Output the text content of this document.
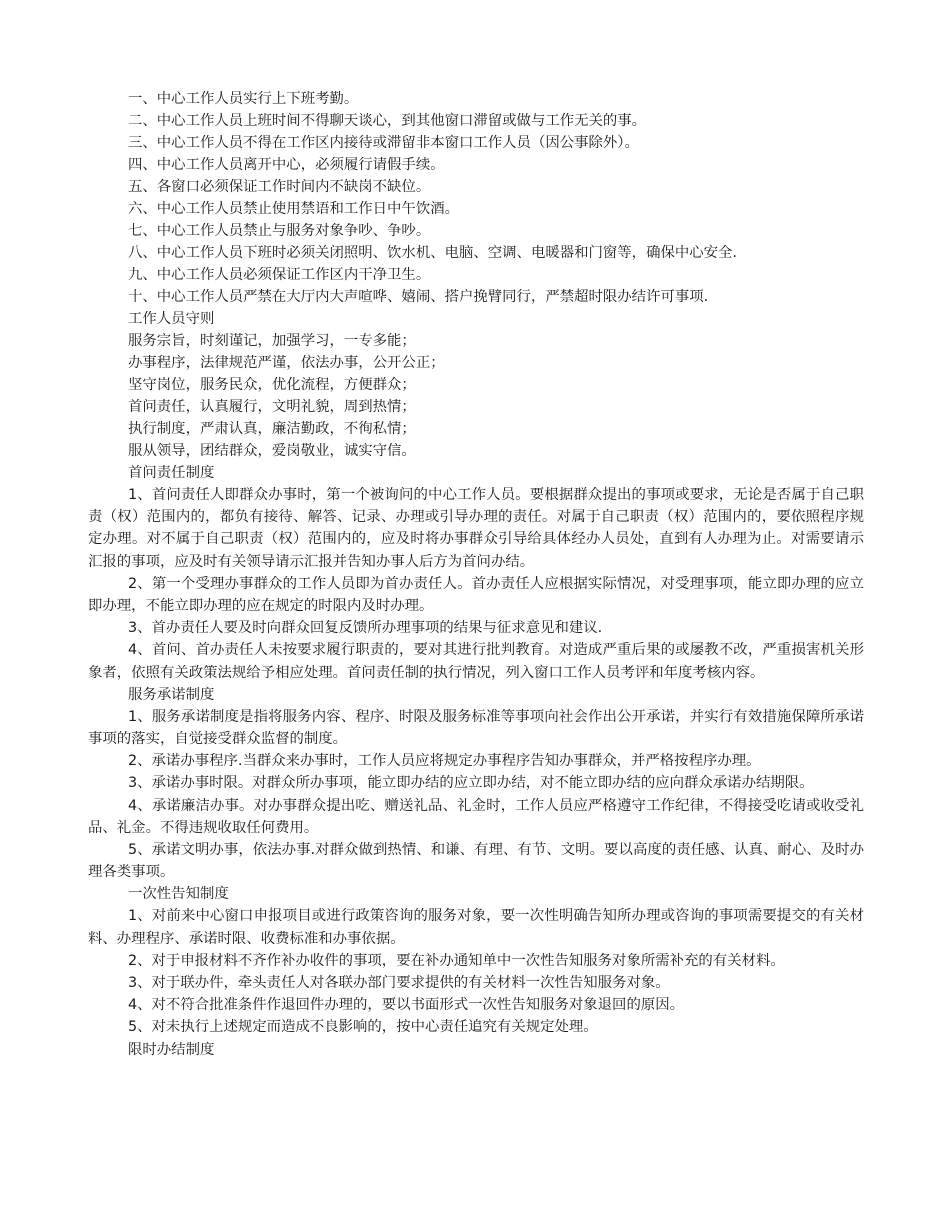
一、中心工作人员实行上下班考勤。

二、中心工作人员上班时间不得聊天谈心，到其他窗口滞留或做与工作无关的事。

三、中心工作人员不得在工作区内接待或滞留非本窗口工作人员（因公事除外）。

四、中心工作人员离开中心，必须履行请假手续。

五、各窗口必须保证工作时间内不缺岗不缺位。

六、中心工作人员禁止使用禁语和工作日中午饮酒。

七、中心工作人员禁止与服务对象争吵、争吵。

八、中心工作人员下班时必须关闭照明、饮水机、电脑、空调、电暖器和门窗等，确保中心安全.

九、中心工作人员必须保证工作区内干净卫生。

十、中心工作人员严禁在大厅内大声喧哗、嬉闹、搭户挽臂同行，严禁超时限办结许可事项.

工作人员守则

服务宗旨，时刻谨记，加强学习，一专多能；

办事程序，法律规范严谨，依法办事，公开公正；

坚守岗位，服务民众，优化流程，方便群众；

首问责任，认真履行，文明礼貌，周到热情；

执行制度，严肃认真，廉洁勤政，不徇私情；

服从领导，团结群众，爱岗敬业，诚实守信。

首问责任制度

1、首问责任人即群众办事时，第一个被询问的中心工作人员。要根据群众提出的事项或要求，无论是否属于自己职责（权）范围内的，都负有接待、解答、记录、办理或引导办理的责任。对属于自己职责（权）范围内的，要依照程序规定办理。对不属于自己职责（权）范围内的，应及时将办事群众引导给具体经办人员处，直到有人办理为止。对需要请示汇报的事项，应及时有关领导请示汇报并告知办事人后方为首问办结。

2、第一个受理办事群众的工作人员即为首办责任人。首办责任人应根据实际情况，对受理事项，能立即办理的应立即办理，不能立即办理的应在规定的时限内及时办理。

3、首办责任人要及时向群众回复反馈所办理事项的结果与征求意见和建议.

4、首问、首办责任人未按要求履行职责的，要对其进行批判教育。对造成严重后果的或屡教不改，严重损害机关形象者，依照有关政策法规给予相应处理。首问责任制的执行情况，列入窗口工作人员考评和年度考核内容。

服务承诺制度

1、服务承诺制度是指将服务内容、程序、时限及服务标准等事项向社会作出公开承诺，并实行有效措施保障所承诺事项的落实，自觉接受群众监督的制度。

2、承诺办事程序.当群众来办事时，工作人员应将规定办事程序告知办事群众，并严格按程序办理。

3、承诺办事时限。对群众所办事项，能立即办结的应立即办结，对不能立即办结的应向群众承诺办结期限。

4、承诺廉洁办事。对办事群众提出吃、赠送礼品、礼金时，工作人员应严格遵守工作纪律，不得接受吃请或收受礼品、礼金。不得违规收取任何费用。

5、承诺文明办事，依法办事.对群众做到热情、和谦、有理、有节、文明。要以高度的责任感、认真、耐心、及时办理各类事项。

一次性告知制度

1、对前来中心窗口申报项目或进行政策咨询的服务对象，要一次性明确告知所办理或咨询的事项需要提交的有关材料、办理程序、承诺时限、收费标准和办事依据。

2、对于申报材料不齐作补办收件的事项，要在补办通知单中一次性告知服务对象所需补充的有关材料。

3、对于联办件，牵头责任人对各联办部门要求提供的有关材料一次性告知服务对象。

4、对不符合批准条件作退回件办理的，要以书面形式一次性告知服务对象退回的原因。

5、对未执行上述规定而造成不良影响的，按中心责任追究有关规定处理。

限时办结制度
